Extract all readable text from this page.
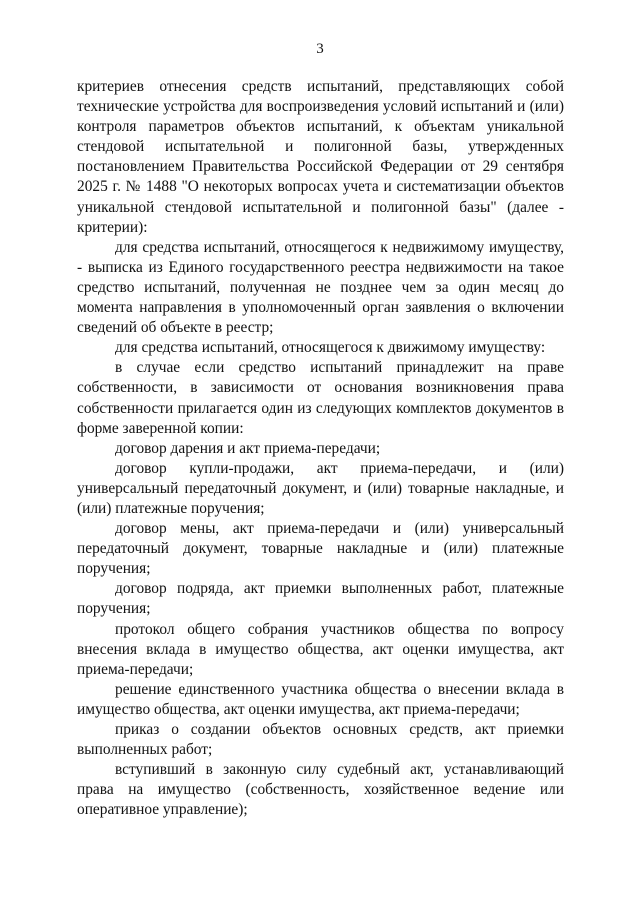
3

критериев отнесения средств испытаний, представляющих собой технические устройства для воспроизведения условий испытаний и (или) контроля параметров объектов испытаний, к объектам уникальной стендовой испытательной и полигонной базы, утвержденных постановлением Правительства Российской Федерации от 29 сентября 2025 г. № 1488 "О некоторых вопросах учета и систематизации объектов уникальной стендовой испытательной и полигонной базы" (далее - критерии):

для средства испытаний, относящегося к недвижимому имуществу, - выписка из Единого государственного реестра недвижимости на такое средство испытаний, полученная не позднее чем за один месяц до момента направления в уполномоченный орган заявления о включении сведений об объекте в реестр;

для средства испытаний, относящегося к движимому имуществу:

в случае если средство испытаний принадлежит на праве собственности, в зависимости от основания возникновения права собственности прилагается один из следующих комплектов документов в форме заверенной копии:

договор дарения и акт приема-передачи;

договор купли-продажи, акт приема-передачи, и (или) универсальный передаточный документ, и (или) товарные накладные, и (или) платежные поручения;

договор мены, акт приема-передачи и (или) универсальный передаточный документ, товарные накладные и (или) платежные поручения;

договор подряда, акт приемки выполненных работ, платежные поручения;

протокол общего собрания участников общества по вопросу внесения вклада в имущество общества, акт оценки имущества, акт приема-передачи;

решение единственного участника общества о внесении вклада в имущество общества, акт оценки имущества, акт приема-передачи;

приказ о создании объектов основных средств, акт приемки выполненных работ;

вступивший в законную силу судебный акт, устанавливающий права на имущество (собственность, хозяйственное ведение или оперативное управление);
